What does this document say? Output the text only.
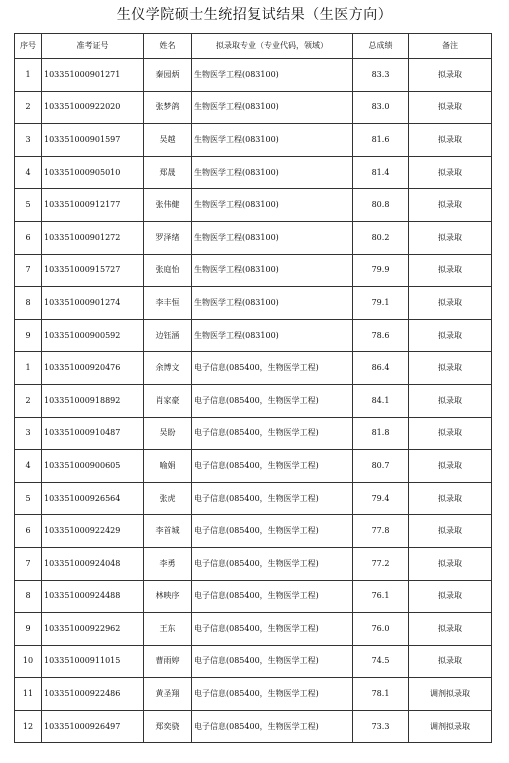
生仪学院硕士生统招复试结果（生医方向）
序号	准考证号	姓名	拟录取专业（专业代码，领域）	总成绩	备注
1	103351000901271	秦园炳	生物医学工程(083100)	83.3	拟录取
2	103351000922020	张梦鸽	生物医学工程(083100)	83.0	拟录取
3	103351000901597	吴越	生物医学工程(083100)	81.6	拟录取
4	103351000905010	郑晟	生物医学工程(083100)	81.4	拟录取
5	103351000912177	张伟健	生物医学工程(083100)	80.8	拟录取
6	103351000901272	罗泽绪	生物医学工程(083100)	80.2	拟录取
7	103351000915727	张庭怡	生物医学工程(083100)	79.9	拟录取
8	103351000901274	李丰恒	生物医学工程(083100)	79.1	拟录取
9	103351000900592	边钰涵	生物医学工程(083100)	78.6	拟录取
1	103351000920476	余博文	电子信息(085400，生物医学工程)	86.4	拟录取
2	103351000918892	肖家豪	电子信息(085400，生物医学工程)	84.1	拟录取
3	103351000910487	吴盼	电子信息(085400，生物医学工程)	81.8	拟录取
4	103351000900605	喻娟	电子信息(085400，生物医学工程)	80.7	拟录取
5	103351000926564	张虎	电子信息(085400，生物医学工程)	79.4	拟录取
6	103351000922429	李首城	电子信息(085400，生物医学工程)	77.8	拟录取
7	103351000924048	李勇	电子信息(085400，生物医学工程)	77.2	拟录取
8	103351000924488	林映序	电子信息(085400，生物医学工程)	76.1	拟录取
9	103351000922962	王东	电子信息(085400，生物医学工程)	76.0	拟录取
10	103351000911015	曹雨婷	电子信息(085400，生物医学工程)	74.5	拟录取
11	103351000922486	黄圣翔	电子信息(085400，生物医学工程)	78.1	调剂拟录取
12	103351000926497	郑奕骁	电子信息(085400，生物医学工程)	73.3	调剂拟录取
